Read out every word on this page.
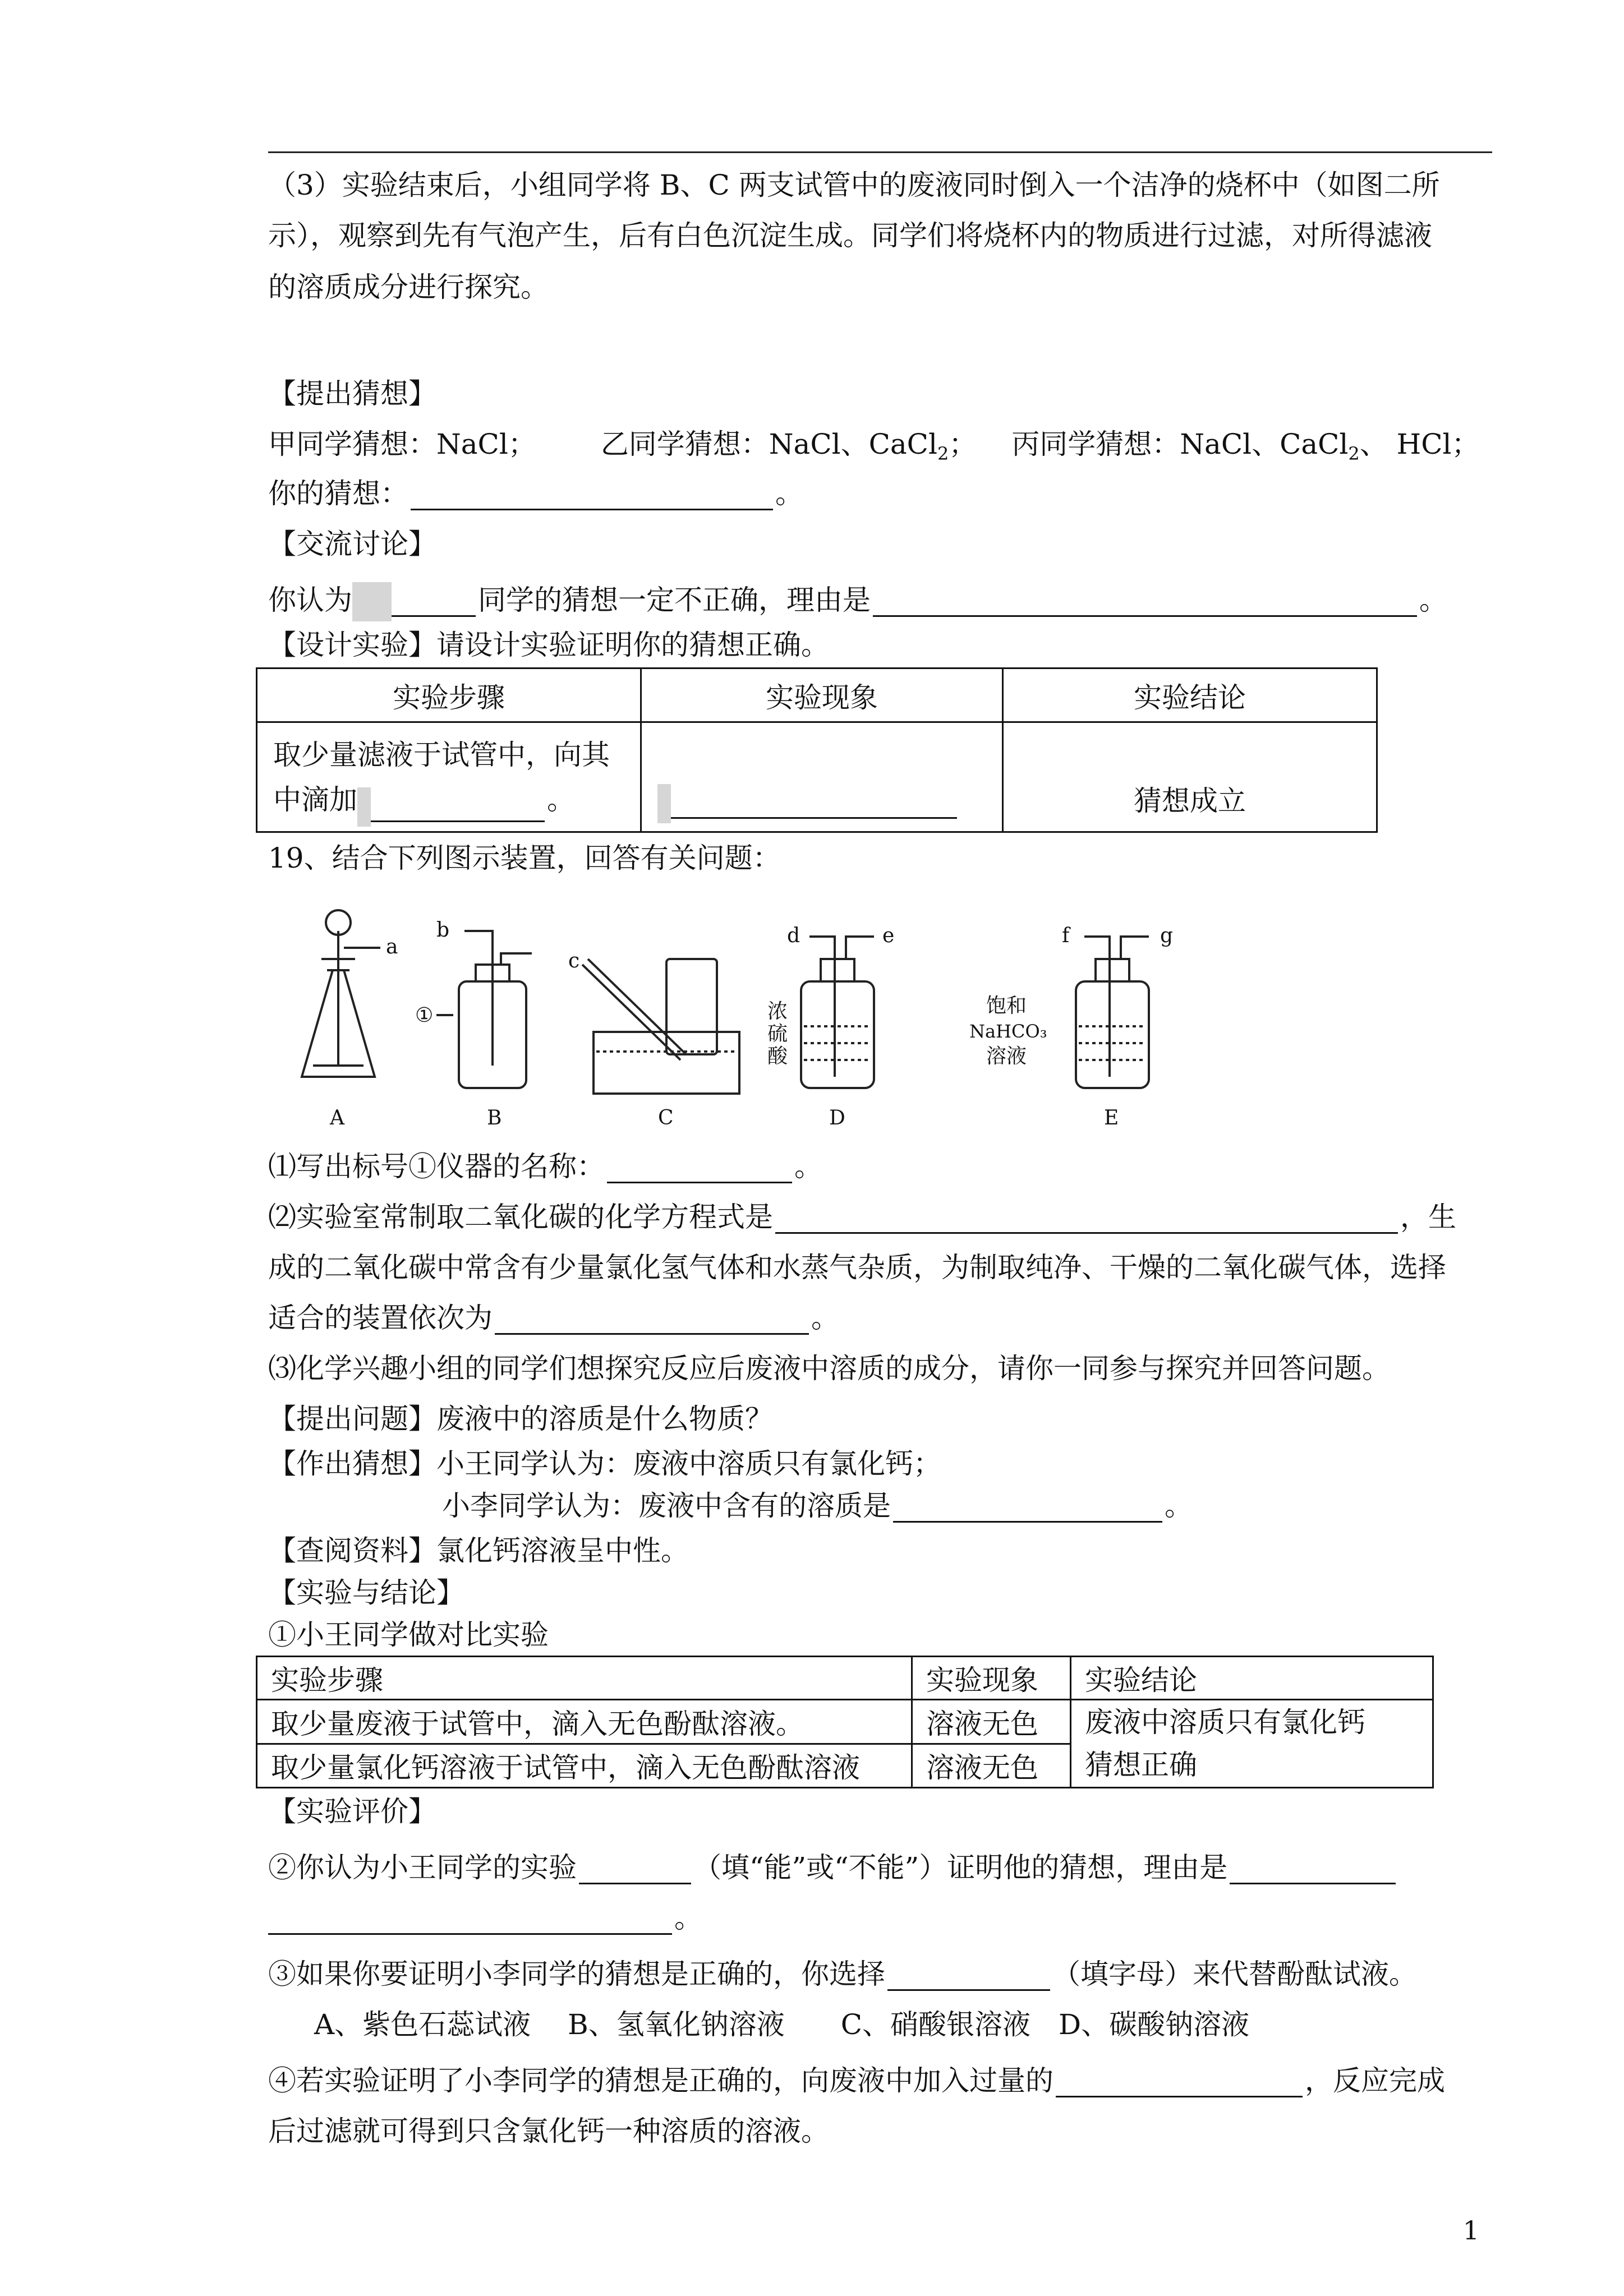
（3）实验结束后，小组同学将 B、C 两支试管中的废液同时倒入一个洁净的烧杯中（如图二所
示），观察到先有气泡产生，后有白色沉淀生成。同学们将烧杯内的物质进行过滤，对所得滤液
的溶质成分进行探究。
【提出猜想】
甲同学猜想：NaCl； 乙同学猜想：NaCl、CaCl$_2$； 丙同学猜想：NaCl、CaCl$_2$、 HCl；
你的猜想：	。
【交流讨论】
你认为	同学的猜想一定不正确，理由是	。
【设计实验】请设计实验证明你的猜想正确。
实验步骤	实验现象	实验结论

取少量滤液于试管中，向其
中滴加 。		猜想成立
19、结合下列图示装置，回答有关问题：
a
b
①
c
d	e	f	g
浓
硫
酸
饱和
NaHCO₃
溶液
A	B	C	D	E
⑴写出标号①仪器的名称：	。
⑵实验室常制取二氧化碳的化学方程式是	，生
成的二氧化碳中常含有少量氯化氢气体和水蒸气杂质，为制取纯净、干燥的二氧化碳气体，选择
适合的装置依次为	。
⑶化学兴趣小组的同学们想探究反应后废液中溶质的成分，请你一同参与探究并回答问题。
【提出问题】废液中的溶质是什么物质？
【作出猜想】小王同学认为：废液中溶质只有氯化钙；
小李同学认为：废液中含有的溶质是	。
【查阅资料】氯化钙溶液呈中性。
【实验与结论】
①小王同学做对比实验
实验步骤	实验现象	实验结论
取少量废液于试管中，滴入无色酚酞溶液。	溶液无色	废液中溶质只有氯化钙
猜想正确

取少量氯化钙溶液于试管中，滴入无色酚酞溶液	溶液无色	
【实验评价】
②你认为小王同学的实验	（填“能”或“不能”）证明他的猜想，理由是
。
③如果你要证明小李同学的猜想是正确的，你选择	（填字母）来代替酚酞试液。
A、紫色石蕊试液　 B、氢氧化钠溶液　　C、硝酸银溶液　D、碳酸钠溶液
④若实验证明了小李同学的猜想是正确的，向废液中加入过量的	，反应完成
后过滤就可得到只含氯化钙一种溶质的溶液。
1
